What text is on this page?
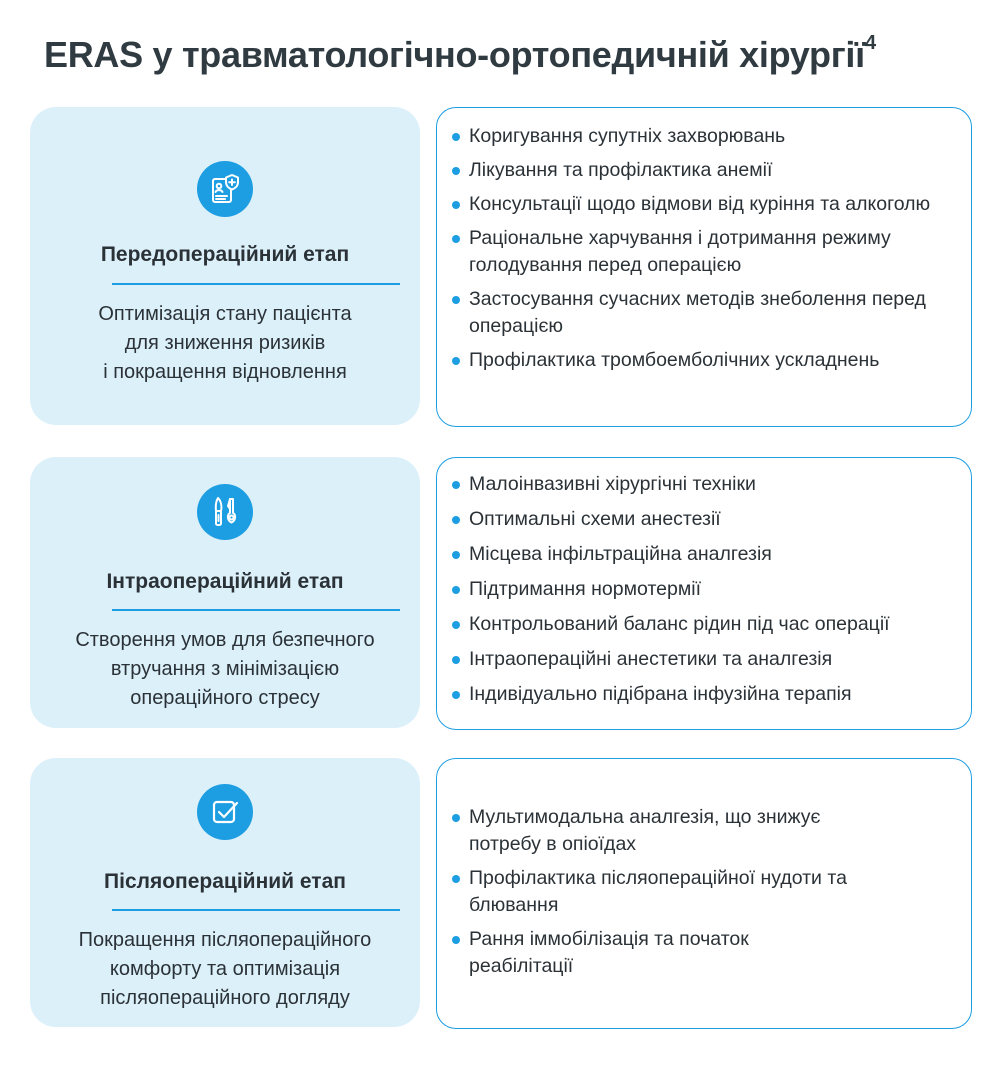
ERAS у травматологічно-ортопедичній хірургії$^4$
Передопераційний етап
Оптимізація стану пацієнта
для зниження ризиків
і покращення відновлення
Коригування супутніх захворювань
Лікування та профілактика анемії
Консультації щодо відмови від куріння та алкоголю
Раціональне харчування і дотримання режиму голодування перед операцією
Застосування сучасних методів знеболення перед операцією
Профілактика тромбоемболічних ускладнень
Інтраопераційний етап
Створення умов для безпечного
втручання з мінімізацією
операційного стресу
Малоінвазивні хірургічні техніки
Оптимальні схеми анестезії
Місцева інфільтраційна аналгезія
Підтримання нормотермії
Контрольований баланс рідин під час операції
Інтраопераційні анестетики та аналгезія
Індивідуально підібрана інфузійна терапія
Післяопераційний етап
Покращення післяопераційного
комфорту та оптимізація
післяопераційного догляду
Мультимодальна аналгезія, що знижує потребу в опіоїдах
Профілактика післяопераційної нудоти та блювання
Рання іммобілізація та початок реабілітації
